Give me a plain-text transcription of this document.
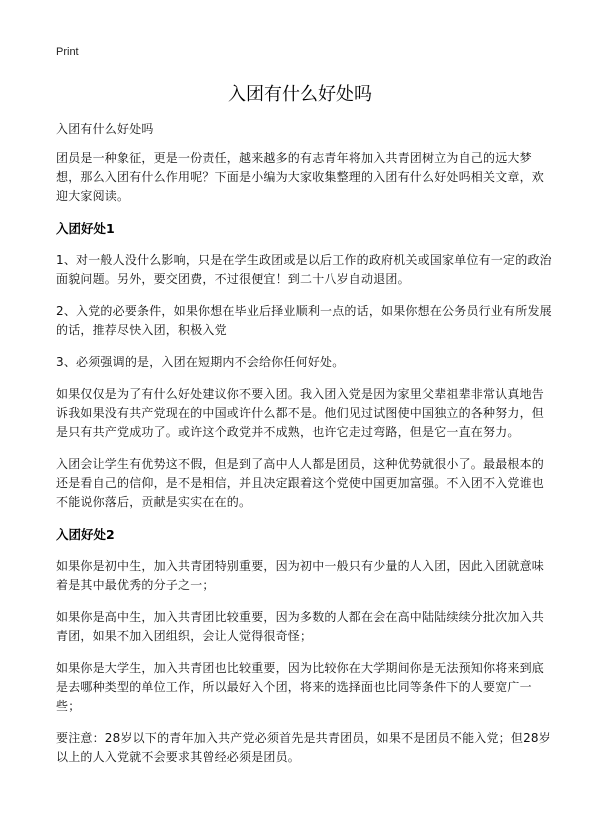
Print
入团有什么好处吗

入团有什么好处吗

团员是一种象征，更是一份责任，越来越多的有志青年将加入共青团树立为自己的远大梦想，那么入团有什么作用呢？下面是小编为大家收集整理的入团有什么好处吗相关文章，欢迎大家阅读。

入团好处1

1、对一般人没什么影响，只是在学生政团或是以后工作的政府机关或国家单位有一定的政治面貌问题。另外，要交团费，不过很便宜！到二十八岁自动退团。

2、入党的必要条件，如果你想在毕业后择业顺利一点的话，如果你想在公务员行业有所发展的话，推荐尽快入团，积极入党

3、必须强调的是，入团在短期内不会给你任何好处。

如果仅仅是为了有什么好处建议你不要入团。我入团入党是因为家里父辈祖辈非常认真地告诉我如果没有共产党现在的中国或许什么都不是。他们见过试图使中国独立的各种努力，但是只有共产党成功了。或许这个政党并不成熟，也许它走过弯路，但是它一直在努力。

入团会让学生有优势这不假，但是到了高中人人都是团员，这种优势就很小了。最最根本的还是看自己的信仰，是不是相信，并且决定跟着这个党使中国更加富强。不入团不入党谁也不能说你落后，贡献是实实在在的。

入团好处2

如果你是初中生，加入共青团特别重要，因为初中一般只有少量的人入团，因此入团就意味着是其中最优秀的分子之一；

如果你是高中生，加入共青团比较重要，因为多数的人都在会在高中陆陆续续分批次加入共青团，如果不加入团组织，会让人觉得很奇怪；

如果你是大学生，加入共青团也比较重要，因为比较你在大学期间你是无法预知你将来到底是去哪种类型的单位工作，所以最好入个团，将来的选择面也比同等条件下的人要宽广一些；

要注意：28岁以下的青年加入共产党必须首先是共青团员，如果不是团员不能入党；但28岁以上的人入党就不会要求其曾经必须是团员。
